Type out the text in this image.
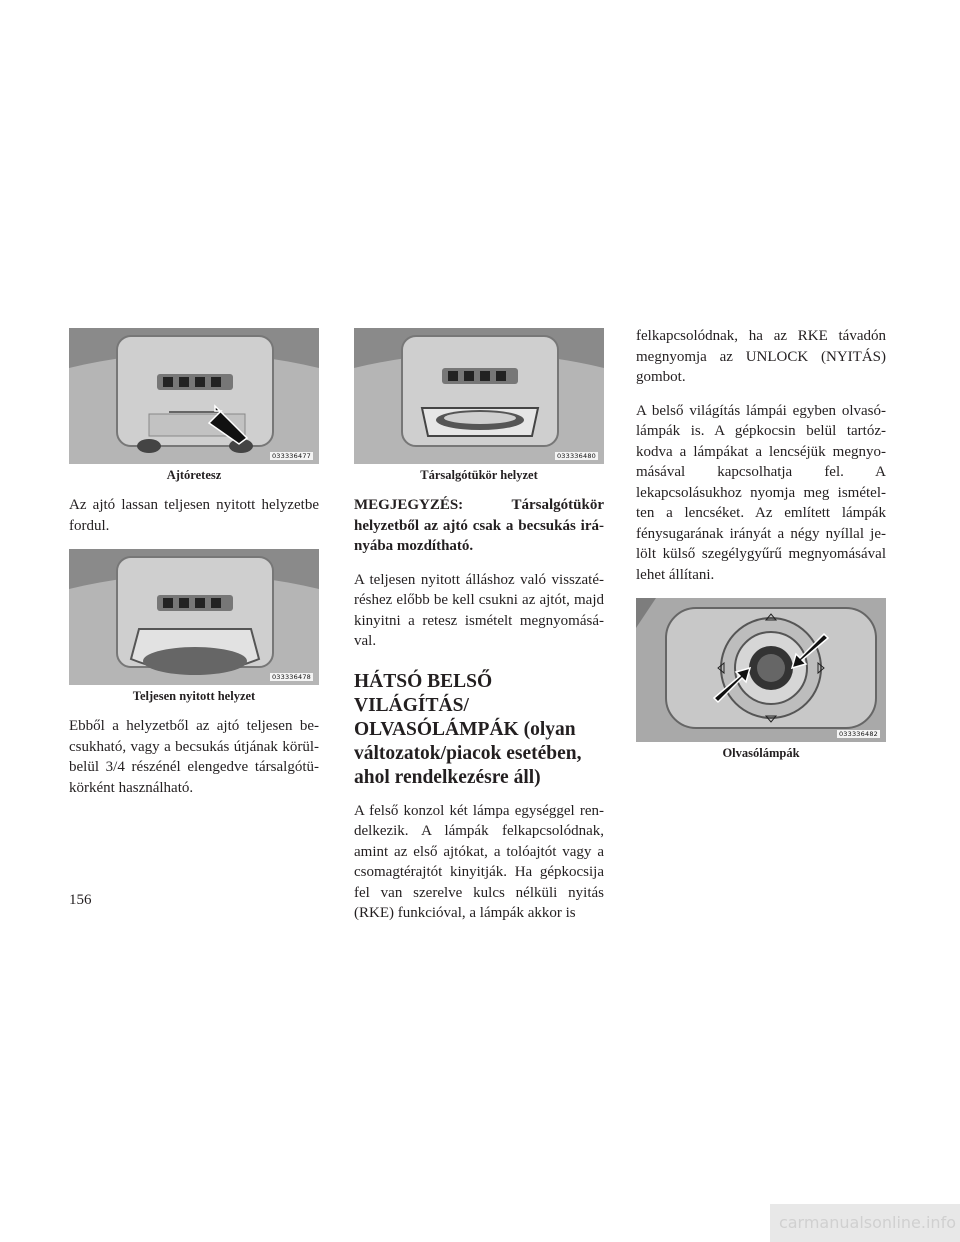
033336477
Ajtóretesz

Az ajtó lassan teljesen nyitott helyzetbe fordul.

033336478
Teljesen nyitott helyzet

Ebből a helyzetből az ajtó teljesen be-csukható, vagy a becsukás útjának körül-belül 3/4 részénél elengedve társalgótü-körként használható.

033336480
Társalgótükör helyzet

MEGJEGYZÉS: Társalgótükör helyzetből az ajtó csak a becsukás irá-nyába mozdítható.

A teljesen nyitott álláshoz való visszaté-réshez előbb be kell csukni az ajtót, majd kinyitni a retesz ismételt megnyomásá-val.

HÁTSÓ BELSŐ VILÁGÍTÁS/ OLVASÓLÁMPÁK (olyan változatok/piacok esetében, ahol rendelkezésre áll)

A felső konzol két lámpa egységgel ren-delkezik. A lámpák felkapcsolódnak, amint az első ajtókat, a tolóajtót vagy a csomagtérajtót kinyitják. Ha gépkocsija fel van szerelve kulcs nélküli nyitás (RKE) funkcióval, a lámpák akkor is

felkapcsolódnak, ha az RKE távadón megnyomja az UNLOCK (NYITÁS) gombot.

A belső világítás lámpái egyben olvasó-lámpák is. A gépkocsin belül tartóz-kodva a lámpákat a lencséjük megnyo-másával kapcsolhatja fel. A lekapcsolásukhoz nyomja meg ismétel-ten a lencséket. Az említett lámpák fénysugarának irányát a négy nyíllal je-lölt külső szegélygyűrű megnyomásával lehet állítani.

033336482
Olvasólámpák
156
carmanualsonline.info
